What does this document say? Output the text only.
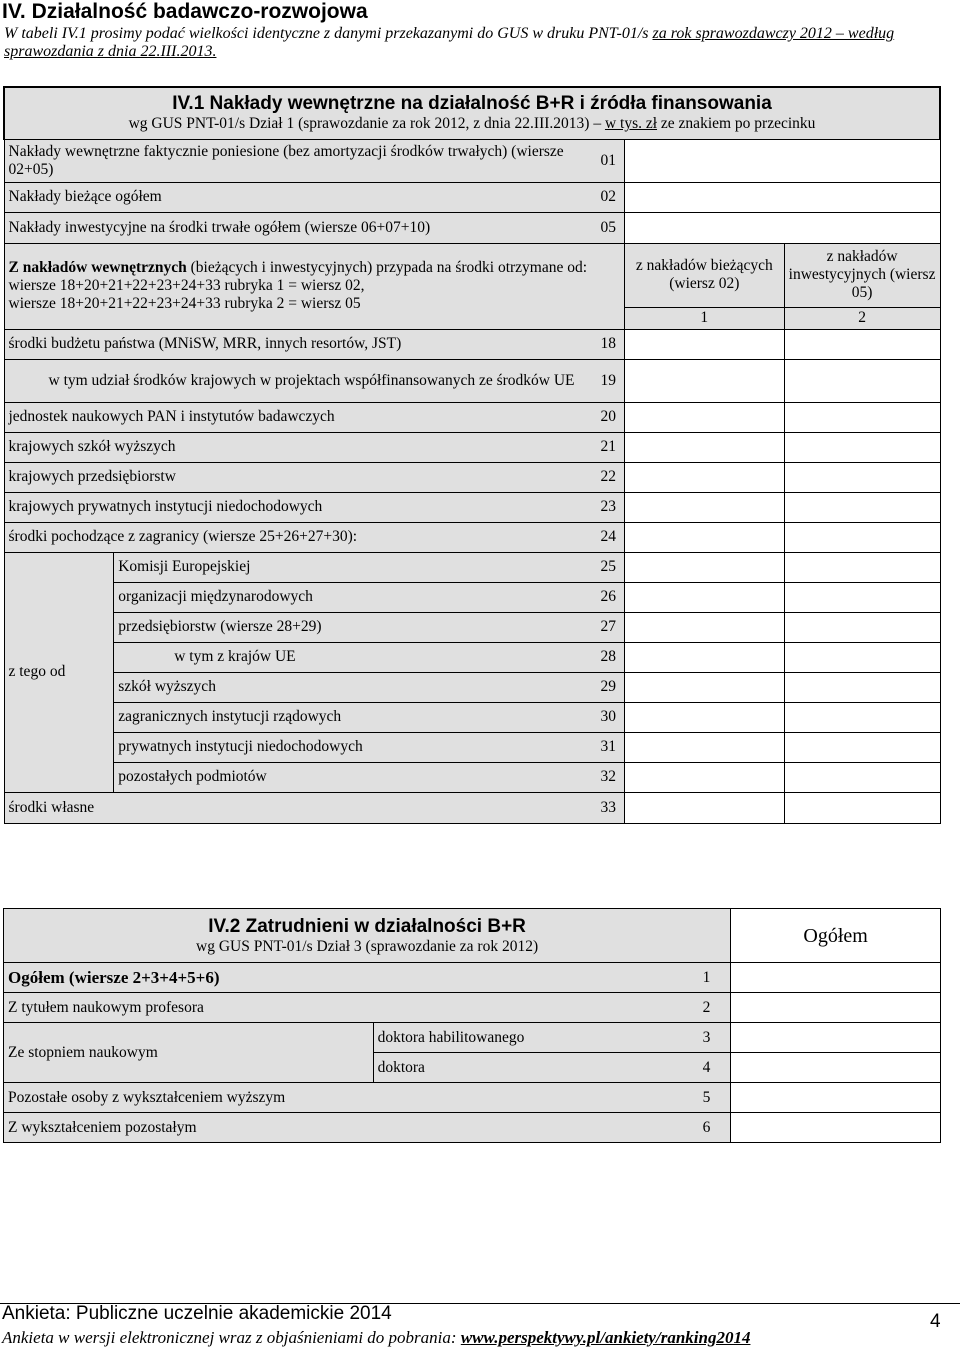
IV. Działalność badawczo-rozwojowa
W tabeli IV.1 prosimy podać wielkości identyczne z danymi przekazanymi do GUS w druku PNT-01/s za rok sprawozdawczy 2012 – według sprawozdania z dnia 22.III.2013.
IV.1 Nakłady wewnętrzne na działalność B+R i źródła finansowania
wg GUS PNT-01/s Dział 1 (sprawozdanie za rok 2012, z dnia 22.III.2013) – w tys. zł ze znakiem po przecinku				

Nakłady wewnętrzne faktycznie poniesione (bez amortyzacji środków trwałych) (wiersze 02+05)		01		
Nakłady bieżące ogółem		02		
Nakłady inwestycyjne na środki trwałe ogółem (wiersze 06+07+10)		05		
Z nakładów wewnętrznych (bieżących i inwestycyjnych) przypada na środki otrzymane od:
wiersze 18+20+21+22+23+24+33 rubryka 1 = wiersz 02,
wiersze 18+20+21+22+23+24+33 rubryka 2 = wiersz 05			z nakładów bieżących (wiersz 02)	z nakładów inwestycyjnych (wiersz 05)
			1	2
środki budżetu państwa (MNiSW, MRR, innych resortów, JST)		18		
w tym udział środków krajowych w projektach współfinansowanych ze środków UE		19		
jednostek naukowych PAN i instytutów badawczych		20		
krajowych szkół wyższych		21		
krajowych przedsiębiorstw		22		
krajowych prywatnych instytucji niedochodowych		23		
środki pochodzące z zagranicy (wiersze 25+26+27+30):		24		
z tego od	Komisji Europejskiej	25		
	organizacji międzynarodowych	26		
	przedsiębiorstw (wiersze 28+29)	27		
	w tym z krajów UE	28		
	szkół wyższych	29		
	zagranicznych instytucji rządowych	30		
	prywatnych instytucji niedochodowych	31		
	pozostałych podmiotów	32		
środki własne		33		
IV.2 Zatrudnieni w działalności B+R
wg GUS PNT-01/s Dział 3 (sprawozdanie za rok 2012)			Ogółem
Ogółem (wiersze 2+3+4+5+6)		1	
Z tytułem naukowym profesora		2	
Ze stopniem naukowym	doktora habilitowanego	3	
	doktora	4	
Pozostałe osoby z wykształceniem wyższym		5	
Z wykształceniem pozostałym		6	
Ankieta: Publiczne uczelnie akademickie 2014
Ankieta w wersji elektronicznej wraz z objaśnieniami do pobrania: www.perspektywy.pl/ankiety/ranking2014
4
